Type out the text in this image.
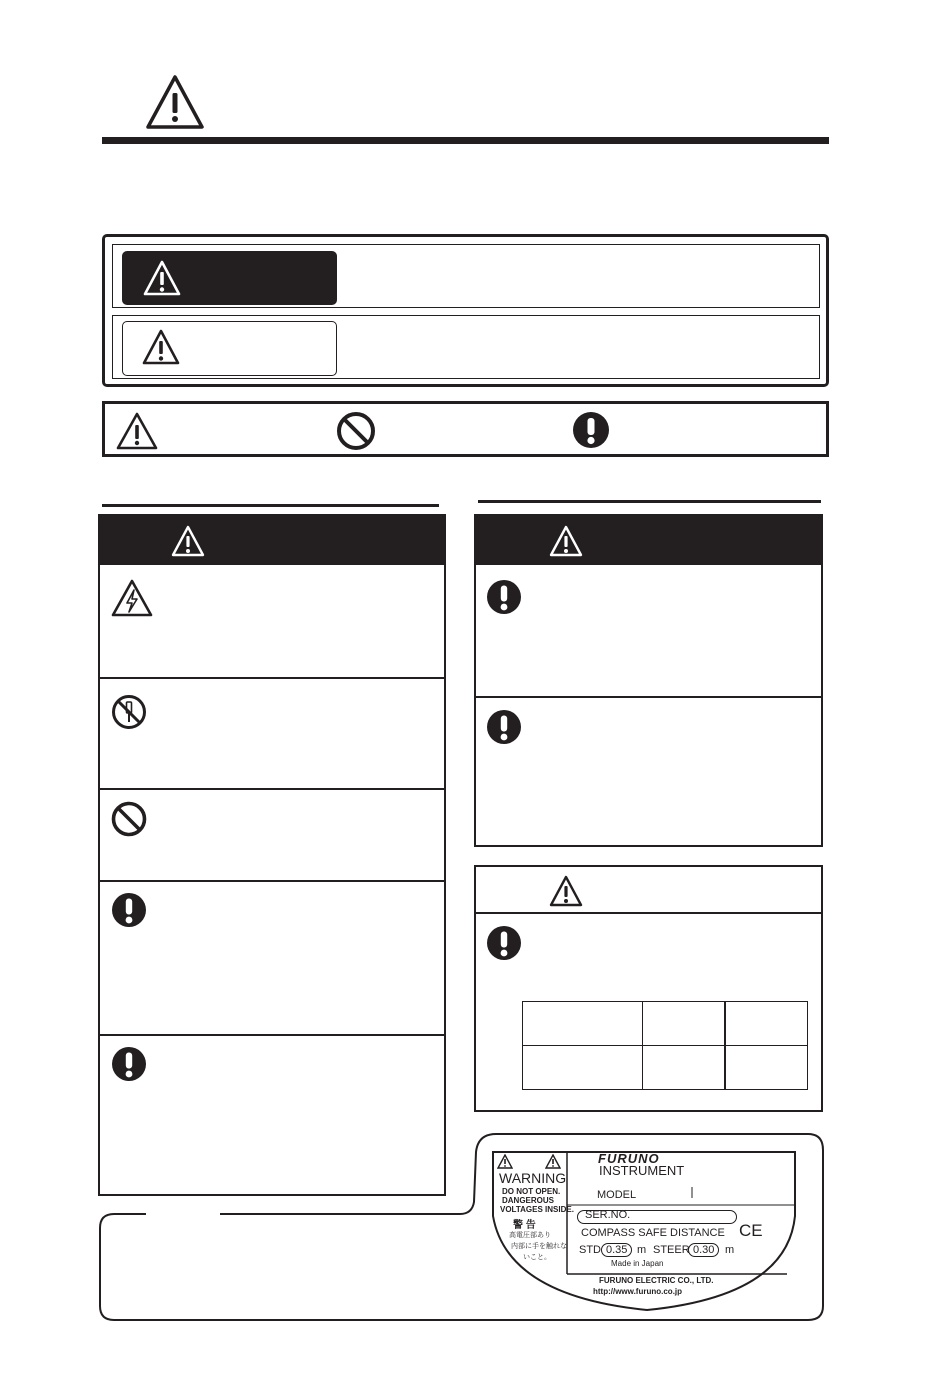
WARNING
DO NOT OPEN.
DANGEROUS
VOLTAGES INSIDE.
警 告
高電圧部あり
内部に手を触れな
いこと。
FURUNO
INSTRUMENT
MODEL
SER.NO.
COMPASS SAFE DISTANCE
STD 0.35 m STEER 0.30 m
CE
Made in Japan
FURUNO ELECTRIC CO., LTD.
http://www.furuno.co.jp
